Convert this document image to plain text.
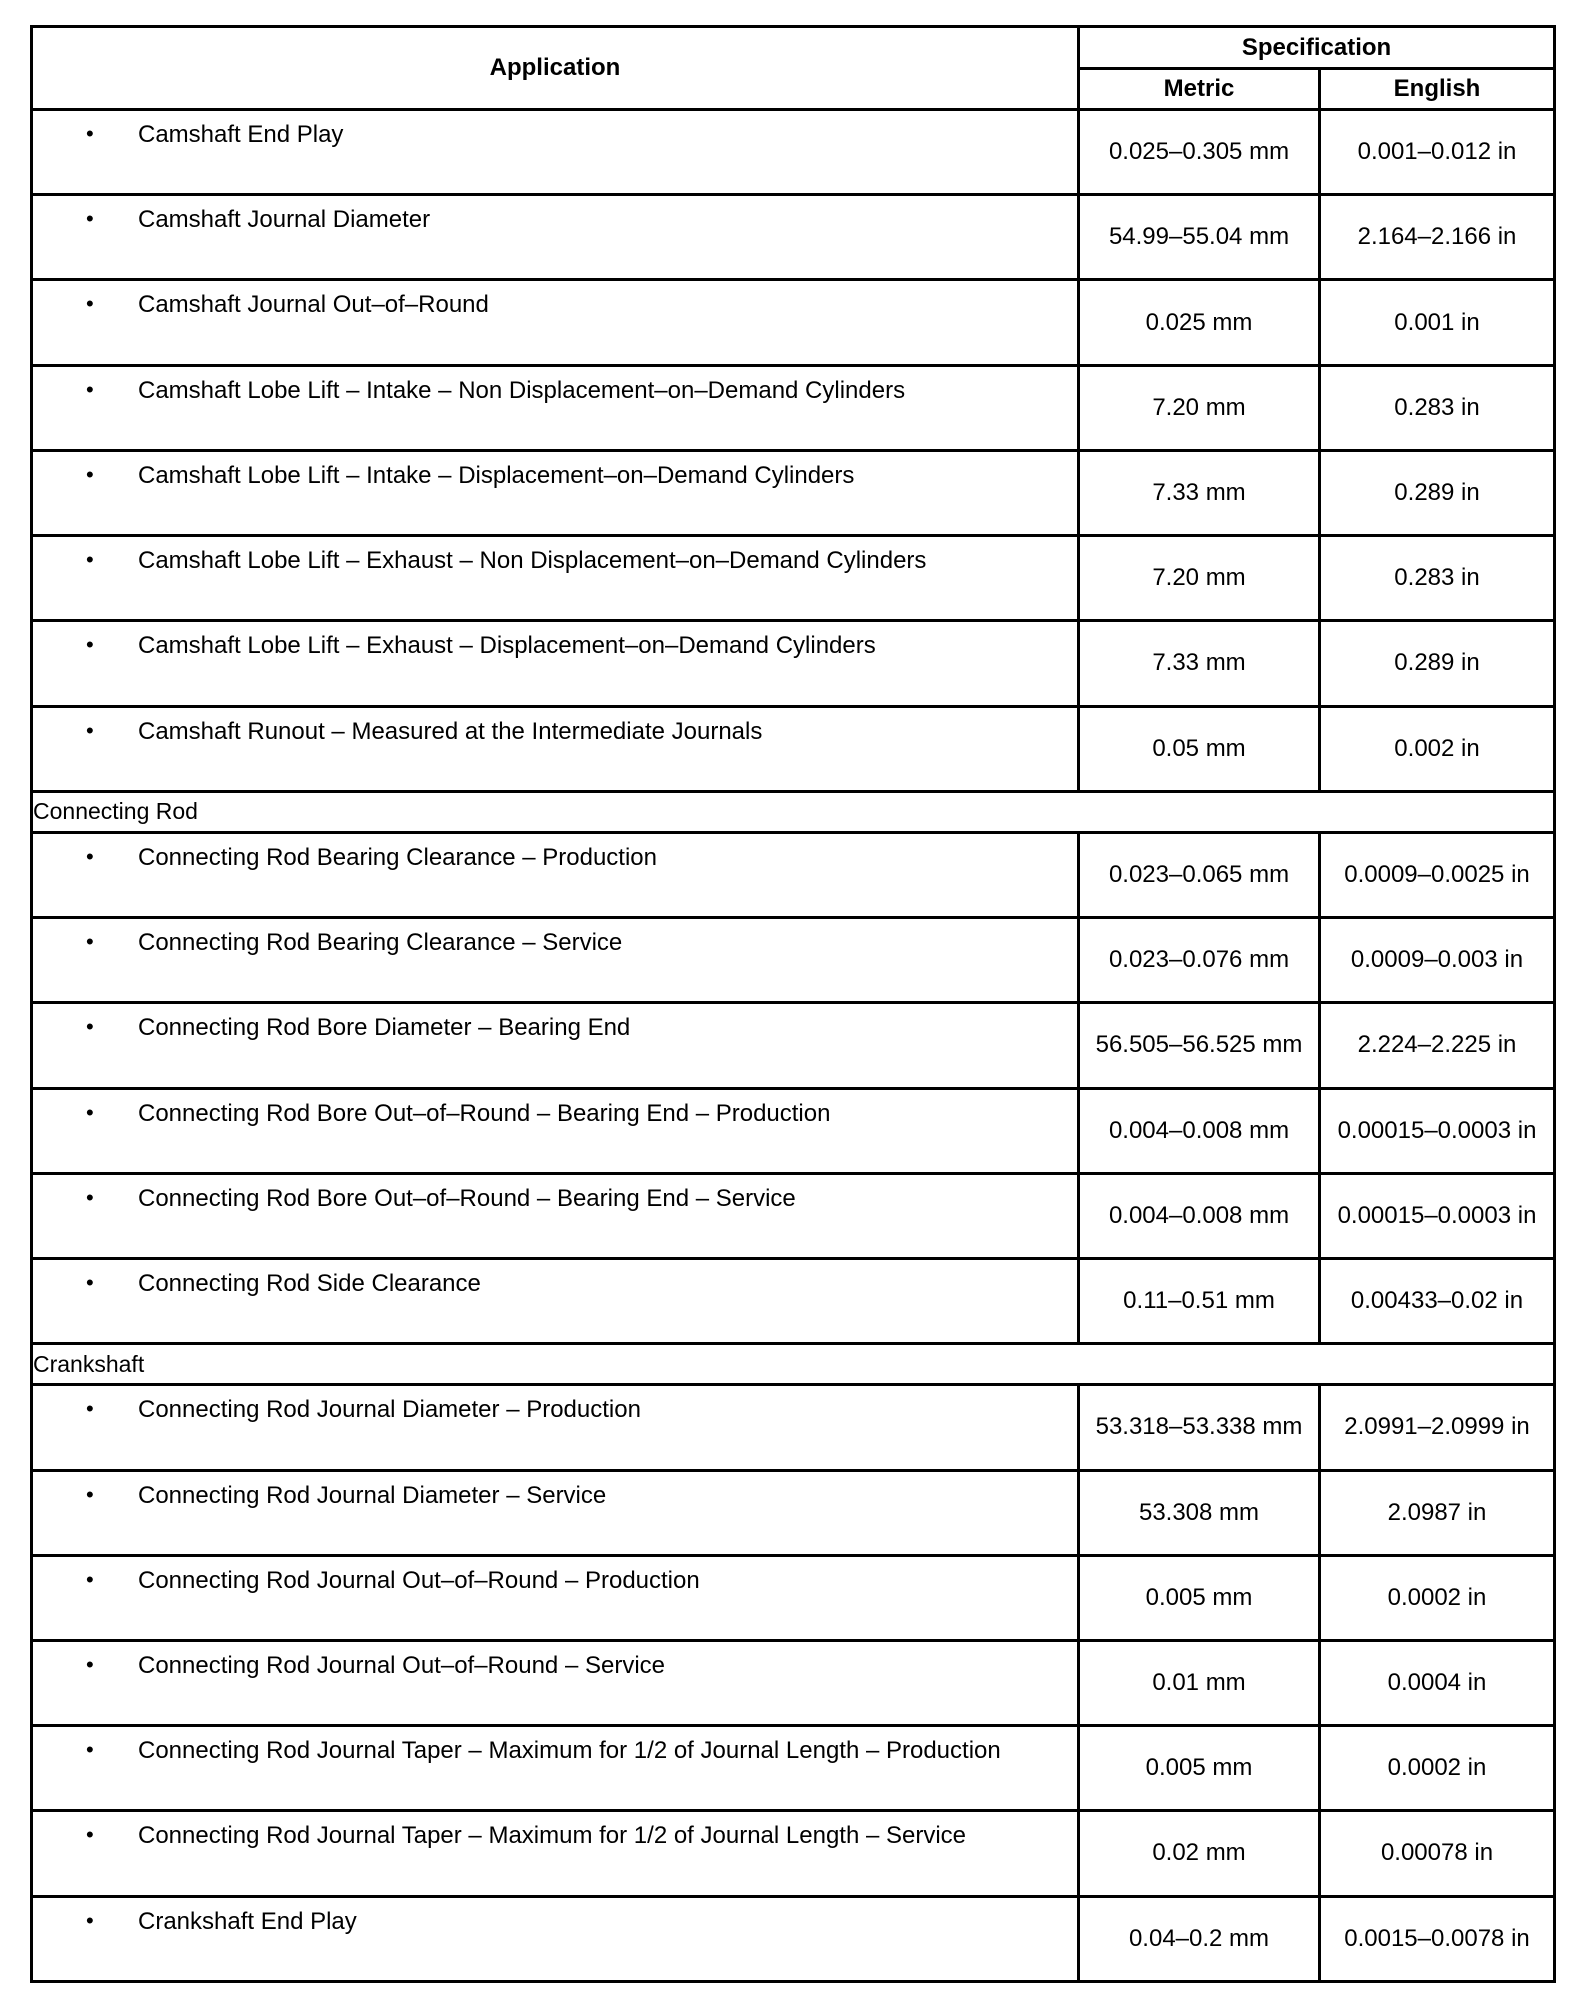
Application	Specification	
	Metric	English

• Camshaft End Play	0.025–0.305 mm	0.001–0.012 in

• Camshaft Journal Diameter	54.99–55.04 mm	2.164–2.166 in

• Camshaft Journal Out–of–Round	0.025 mm	0.001 in

• Camshaft Lobe Lift – Intake – Non Displacement–on–Demand Cylinders	7.20 mm	0.283 in

• Camshaft Lobe Lift – Intake – Displacement–on–Demand Cylinders	7.33 mm	0.289 in

• Camshaft Lobe Lift – Exhaust – Non Displacement–on–Demand Cylinders	7.20 mm	0.283 in

• Camshaft Lobe Lift – Exhaust – Displacement–on–Demand Cylinders	7.33 mm	0.289 in

• Camshaft Runout – Measured at the Intermediate Journals	0.05 mm	0.002 in
Connecting Rod		

• Connecting Rod Bearing Clearance – Production	0.023–0.065 mm	0.0009–0.0025 in

• Connecting Rod Bearing Clearance – Service	0.023–0.076 mm	0.0009–0.003 in

• Connecting Rod Bore Diameter – Bearing End	56.505–56.525 mm	2.224–2.225 in

• Connecting Rod Bore Out–of–Round – Bearing End – Production	0.004–0.008 mm	0.00015–0.0003 in

• Connecting Rod Bore Out–of–Round – Bearing End – Service	0.004–0.008 mm	0.00015–0.0003 in

• Connecting Rod Side Clearance	0.11–0.51 mm	0.00433–0.02 in
Crankshaft		

• Connecting Rod Journal Diameter – Production	53.318–53.338 mm	2.0991–2.0999 in

• Connecting Rod Journal Diameter – Service	53.308 mm	2.0987 in

• Connecting Rod Journal Out–of–Round – Production	0.005 mm	0.0002 in

• Connecting Rod Journal Out–of–Round – Service	0.01 mm	0.0004 in

• Connecting Rod Journal Taper – Maximum for 1/2 of Journal Length – Production	0.005 mm	0.0002 in

• Connecting Rod Journal Taper – Maximum for 1/2 of Journal Length – Service	0.02 mm	0.00078 in

• Crankshaft End Play	0.04–0.2 mm	0.0015–0.0078 in
